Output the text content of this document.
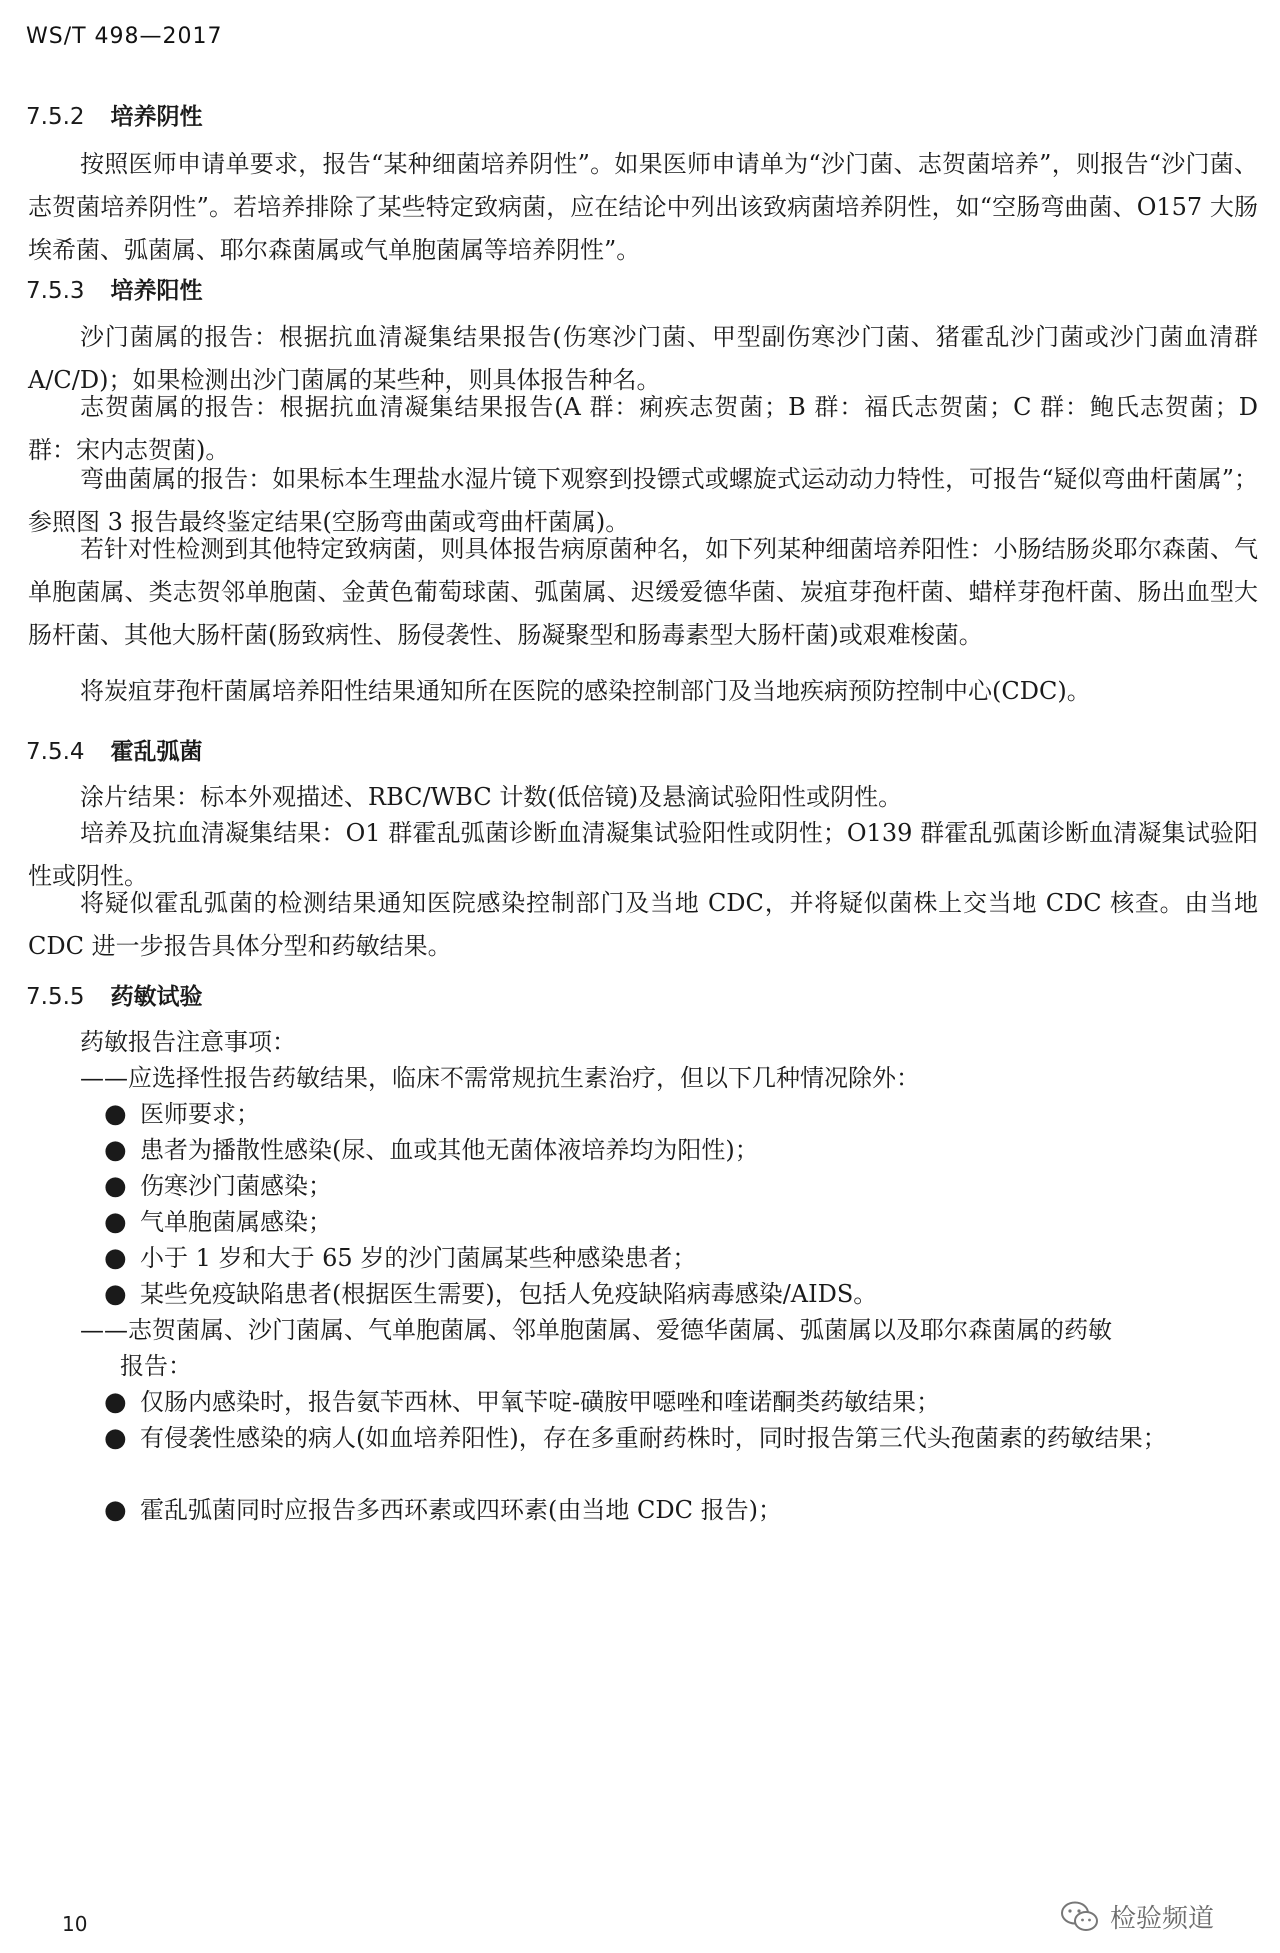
WS/T 498—2017
7.5.2 培养阴性

按照医师申请单要求，报告“某种细菌培养阴性”。如果医师申请单为“沙门菌、志贺菌培养”，则报告“沙门菌、志贺菌培养阴性”。若培养排除了某些特定致病菌，应在结论中列出该致病菌培养阴性，如“空肠弯曲菌、O157 大肠埃希菌、弧菌属、耶尔森菌属或气单胞菌属等培养阴性”。

7.5.3 培养阳性

沙门菌属的报告：根据抗血清凝集结果报告(伤寒沙门菌、甲型副伤寒沙门菌、猪霍乱沙门菌或沙门菌血清群 A/C/D)；如果检测出沙门菌属的某些种，则具体报告种名。

志贺菌属的报告：根据抗血清凝集结果报告(A 群：痢疾志贺菌；B 群：福氏志贺菌；C 群：鲍氏志贺菌；D 群：宋内志贺菌)。

弯曲菌属的报告：如果标本生理盐水湿片镜下观察到投镖式或螺旋式运动动力特性，可报告“疑似弯曲杆菌属”；参照图 3 报告最终鉴定结果(空肠弯曲菌或弯曲杆菌属)。

若针对性检测到其他特定致病菌，则具体报告病原菌种名，如下列某种细菌培养阳性：小肠结肠炎耶尔森菌、气单胞菌属、类志贺邻单胞菌、金黄色葡萄球菌、弧菌属、迟缓爱德华菌、炭疽芽孢杆菌、蜡样芽孢杆菌、肠出血型大肠杆菌、其他大肠杆菌(肠致病性、肠侵袭性、肠凝聚型和肠毒素型大肠杆菌)或艰难梭菌。

将炭疽芽孢杆菌属培养阳性结果通知所在医院的感染控制部门及当地疾病预防控制中心(CDC)。

7.5.4 霍乱弧菌

涂片结果：标本外观描述、RBC/WBC 计数(低倍镜)及悬滴试验阳性或阴性。

培养及抗血清凝集结果：O1 群霍乱弧菌诊断血清凝集试验阳性或阴性；O139 群霍乱弧菌诊断血清凝集试验阳性或阴性。

将疑似霍乱弧菌的检测结果通知医院感染控制部门及当地 CDC，并将疑似菌株上交当地 CDC 核查。由当地 CDC 进一步报告具体分型和药敏结果。

7.5.5 药敏试验

药敏报告注意事项：

——应选择性报告药敏结果，临床不需常规抗生素治疗，但以下几种情况除外：

● 医师要求；
● 患者为播散性感染(尿、血或其他无菌体液培养均为阳性)；
● 伤寒沙门菌感染；
● 气单胞菌属感染；
● 小于 1 岁和大于 65 岁的沙门菌属某些种感染患者；
● 某些免疫缺陷患者(根据医生需要)，包括人免疫缺陷病毒感染/AIDS。

——志贺菌属、沙门菌属、气单胞菌属、邻单胞菌属、爱德华菌属、弧菌属以及耶尔森菌属的药敏

报告：

● 仅肠内感染时，报告氨苄西林、甲氧苄啶-磺胺甲噁唑和喹诺酮类药敏结果；
● 有侵袭性感染的病人(如血培养阳性)，存在多重耐药株时，同时报告第三代头孢菌素的药敏结果；
● 霍乱弧菌同时应报告多西环素或四环素(由当地 CDC 报告)；
10	检验频道
